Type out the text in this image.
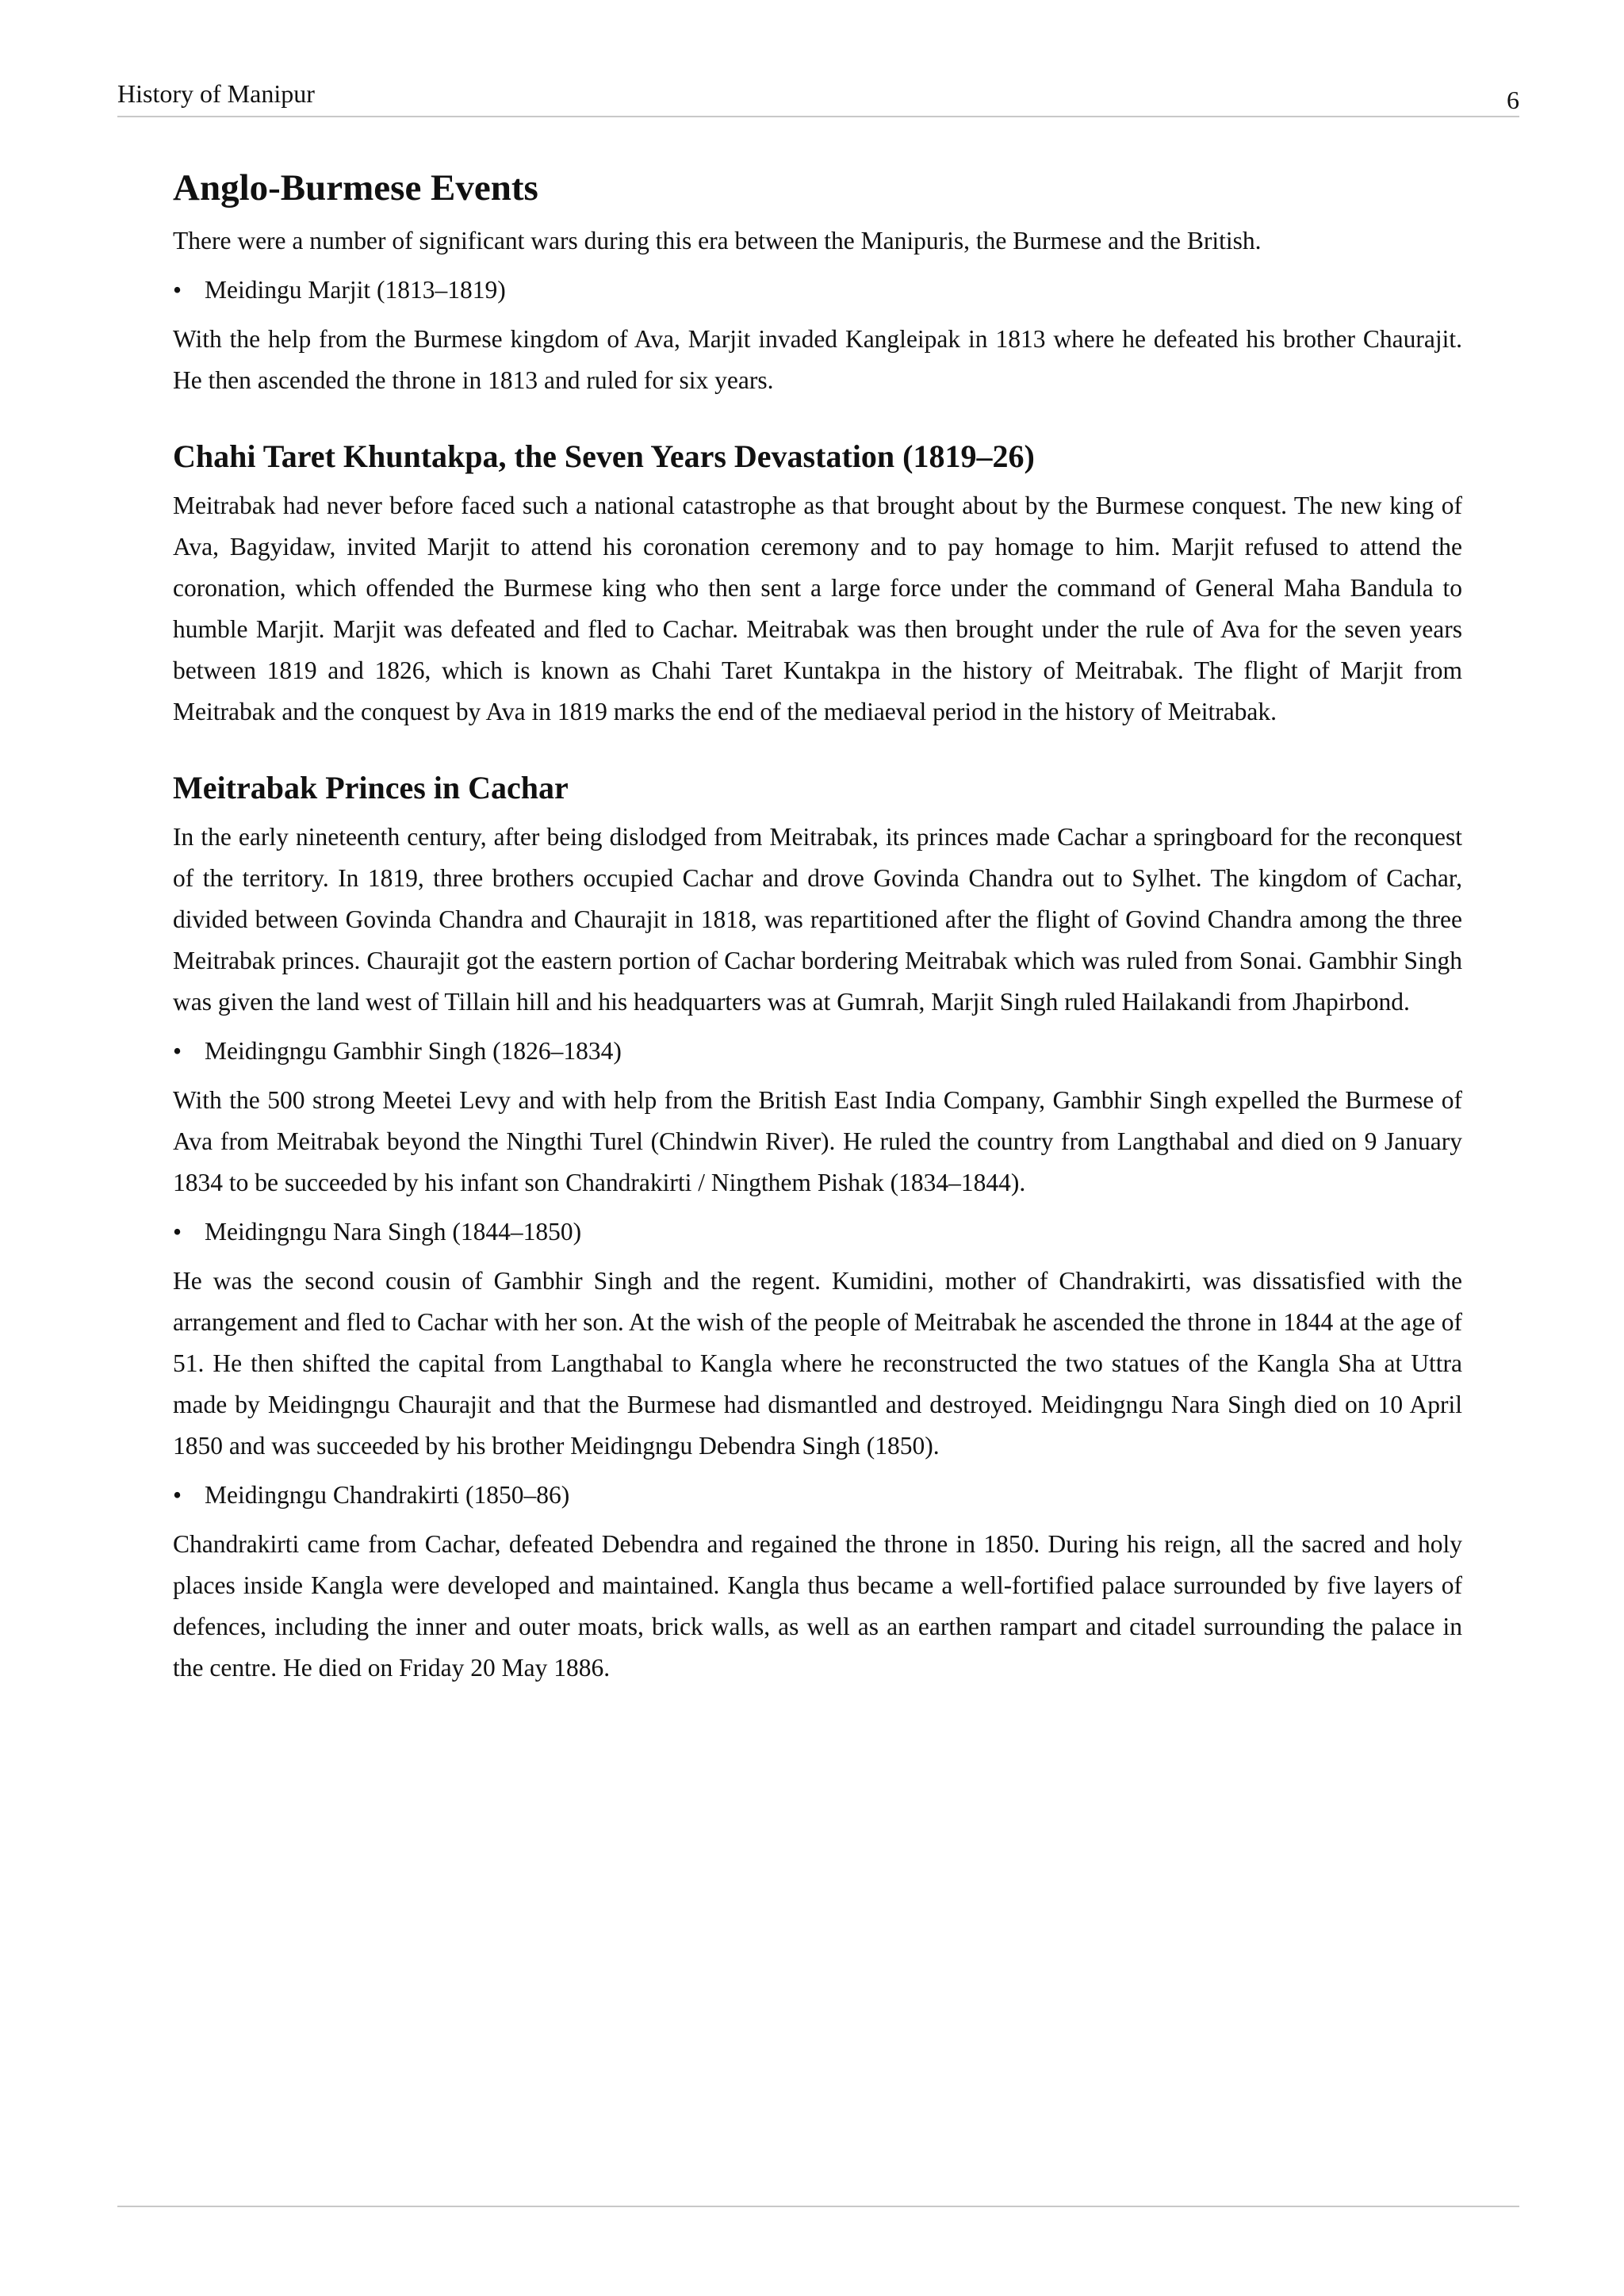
History of Manipur	6
Anglo-Burmese Events

There were a number of significant wars during this era between the Manipuris, the Burmese and the British.

• Meidingu Marjit (1813–1819)

With the help from the Burmese kingdom of Ava, Marjit invaded Kangleipak in 1813 where he defeated his brother Chaurajit. He then ascended the throne in 1813 and ruled for six years.

Chahi Taret Khuntakpa, the Seven Years Devastation (1819–26)

Meitrabak had never before faced such a national catastrophe as that brought about by the Burmese conquest. The new king of Ava, Bagyidaw, invited Marjit to attend his coronation ceremony and to pay homage to him. Marjit refused to attend the coronation, which offended the Burmese king who then sent a large force under the command of General Maha Bandula to humble Marjit. Marjit was defeated and fled to Cachar. Meitrabak was then brought under the rule of Ava for the seven years between 1819 and 1826, which is known as Chahi Taret Kuntakpa in the history of Meitrabak. The flight of Marjit from Meitrabak and the conquest by Ava in 1819 marks the end of the mediaeval period in the history of Meitrabak.

Meitrabak Princes in Cachar

In the early nineteenth century, after being dislodged from Meitrabak, its princes made Cachar a springboard for the reconquest of the territory. In 1819, three brothers occupied Cachar and drove Govinda Chandra out to Sylhet. The kingdom of Cachar, divided between Govinda Chandra and Chaurajit in 1818, was repartitioned after the flight of Govind Chandra among the three Meitrabak princes. Chaurajit got the eastern portion of Cachar bordering Meitrabak which was ruled from Sonai. Gambhir Singh was given the land west of Tillain hill and his headquarters was at Gumrah, Marjit Singh ruled Hailakandi from Jhapirbond.

• Meidingngu Gambhir Singh (1826–1834)

With the 500 strong Meetei Levy and with help from the British East India Company, Gambhir Singh expelled the Burmese of Ava from Meitrabak beyond the Ningthi Turel (Chindwin River). He ruled the country from Langthabal and died on 9 January 1834 to be succeeded by his infant son Chandrakirti / Ningthem Pishak (1834–1844).

• Meidingngu Nara Singh (1844–1850)

He was the second cousin of Gambhir Singh and the regent. Kumidini, mother of Chandrakirti, was dissatisfied with the arrangement and fled to Cachar with her son. At the wish of the people of Meitrabak he ascended the throne in 1844 at the age of 51. He then shifted the capital from Langthabal to Kangla where he reconstructed the two statues of the Kangla Sha at Uttra made by Meidingngu Chaurajit and that the Burmese had dismantled and destroyed. Meidingngu Nara Singh died on 10 April 1850 and was succeeded by his brother Meidingngu Debendra Singh (1850).

• Meidingngu Chandrakirti (1850–86)

Chandrakirti came from Cachar, defeated Debendra and regained the throne in 1850. During his reign, all the sacred and holy places inside Kangla were developed and maintained. Kangla thus became a well-fortified palace surrounded by five layers of defences, including the inner and outer moats, brick walls, as well as an earthen rampart and citadel surrounding the palace in the centre. He died on Friday 20 May 1886.
